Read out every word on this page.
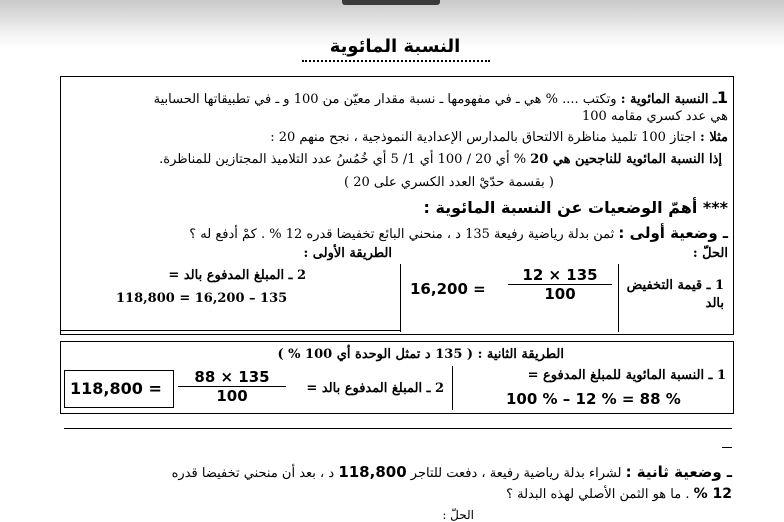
النسبة المائوية
1ـ النسبة المائوية : وتكتب .... % هي ـ في مفهومها ـ نسبة مقدار معيّن من 100 و ـ في تطبيقاتها الحسابية
هي عدد كسري مقامه 100
مثلا : اجتاز 100 تلميذ مناظرة الالتحاق بالمدارس الإعدادية النموذجية ، نجح منهم 20 :
إذا النسبة المائوية للناجحين هي 20 % أي 20 / 100 أي 1/ 5 أي خُمُسُ عدد التلاميذ المجتازين للمناظرة.
( بقسمة حدّيْ العدد الكسري على 20 )
*** أهمّ الوضعيات عن النسبة المائوية :
ـ وضعية أولى : ثمن بدلة رياضية رفيعة 135 د ، منحني البائع تخفيضا قدره 12 % . كمْ أدفع له ؟
الحلّ :
الطريقة الأولى :
1 ـ قيمة التخفيض بالد
$\frac{12 \times 135}{100}$
16,200 =
2 ـ المبلغ المدفوع بالد =
118,800 = 16,200 – 135
الطريقة الثانية : ( 135 د تمثل الوحدة أي 100 % )
1 ـ النسبة المائوية للمبلغ المدفوع =
100 % – 12 % = 88 %
2 ـ المبلغ المدفوع بالد =
$\frac{88 \times 135}{100}$
118,800 =
ـ وضعية ثانية : لشراء بدلة رياضية رفيعة ، دفعت للتاجر 118,800 د ، بعد أن منحني تخفيضا قدره
12 % . ما هو الثمن الأصلي لهذه البدلة ؟
الحلّ :
